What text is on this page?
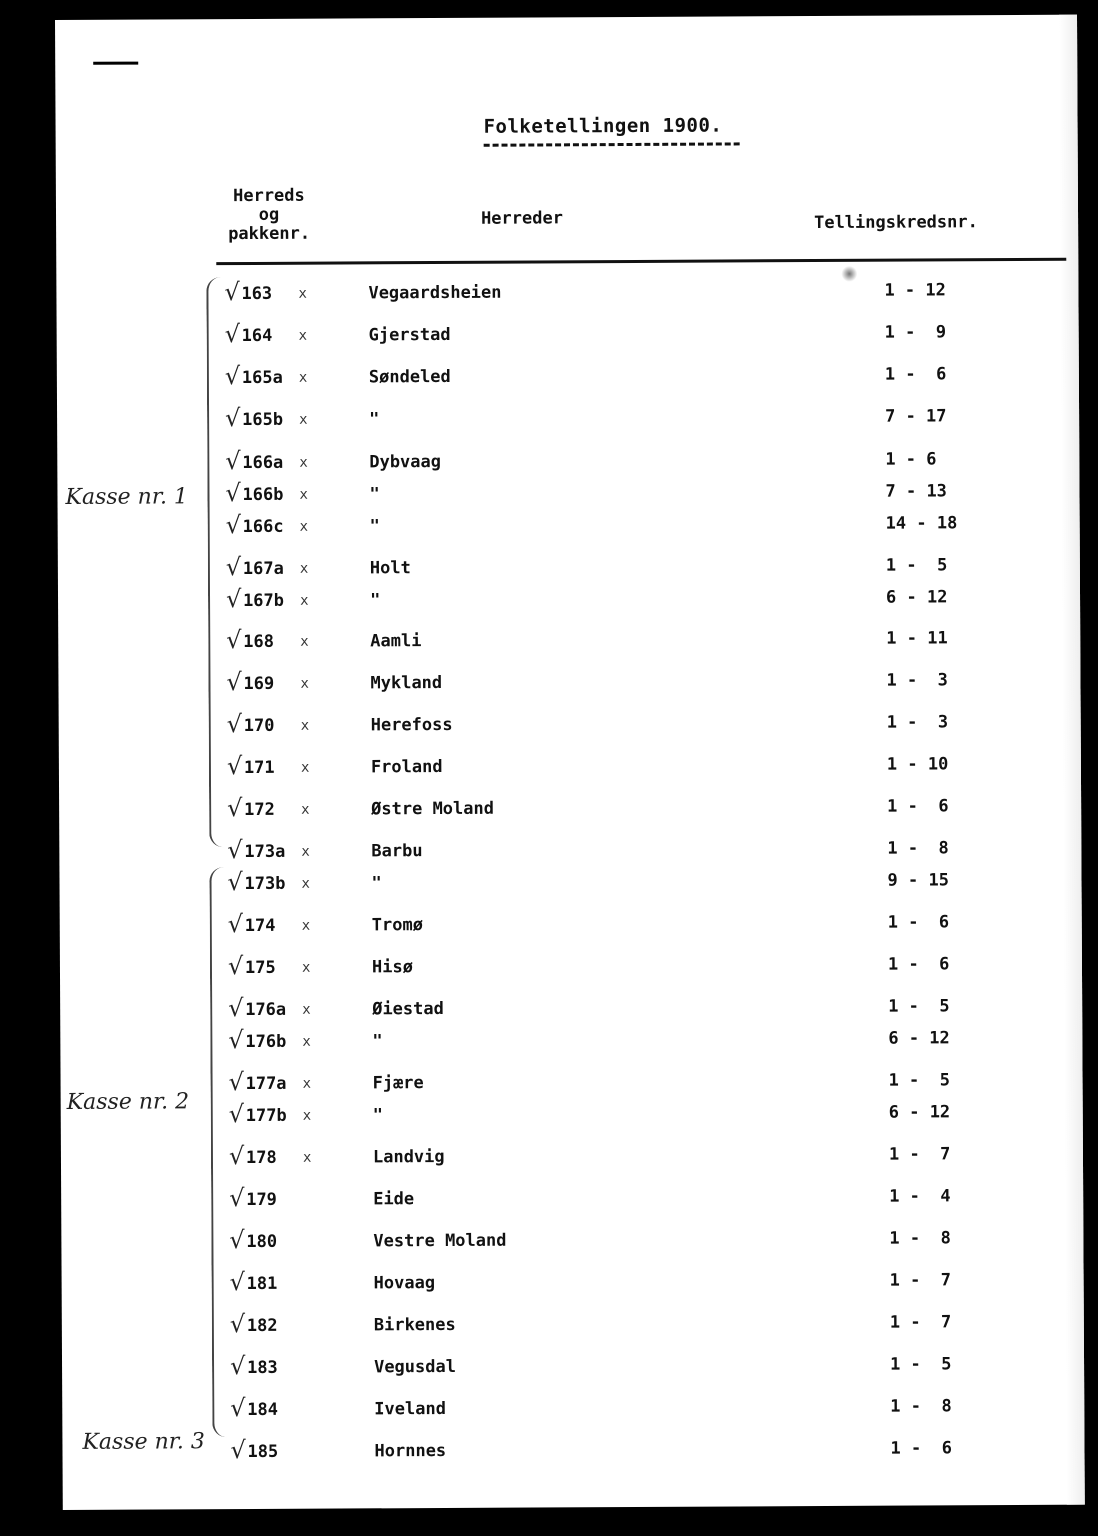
Folketellingen 1900.
Herreds
og
pakkenr.
Herreder	Tellingskredsnr.
√ 163 x	Vegaardsheien	1 - 12
√ 164 x	Gjerstad	1 -  9
√ 165a x	Søndeled	1 -  6
√ 165b x	"	7 - 17
√ 166a x	Dybvaag	1 - 6
√ 166b x	"	7 - 13
√ 166c x	"	14 - 18
√ 167a x	Holt	1 -  5
√ 167b x	"	6 - 12
√ 168 x	Aamli	1 - 11
√ 169 x	Mykland	1 -  3
√ 170 x	Herefoss	1 -  3
√ 171 x	Froland	1 - 10
√ 172 x	Østre Moland	1 -  6
√ 173a x	Barbu	1 -  8
√ 173b x	"	9 - 15
√ 174 x	Tromø	1 -  6
√ 175 x	Hisø	1 -  6
√ 176a x	Øiestad	1 -  5
√ 176b x	"	6 - 12
√ 177a x	Fjære	1 -  5
√ 177b x	"	6 - 12
√ 178 x	Landvig	1 -  7
√ 179	Eide	1 -  4
√ 180	Vestre Moland	1 -  8
√ 181	Hovaag	1 -  7
√ 182	Birkenes	1 -  7
√ 183	Vegusdal	1 -  5
√ 184	Iveland	1 -  8
√ 185	Hornnes	1 -  6
Kasse nr. 1
Kasse nr. 2
Kasse nr. 3
